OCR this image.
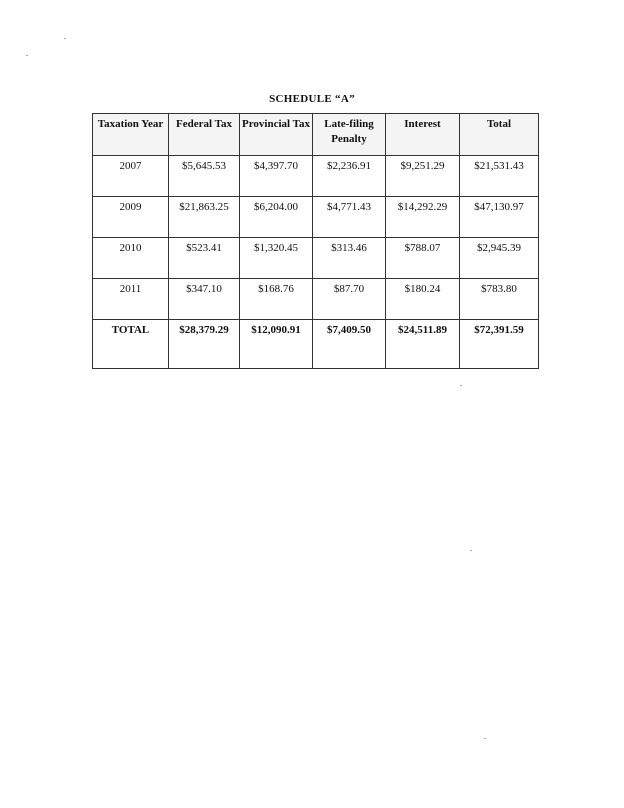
SCHEDULE “A”
Taxation Year	Federal Tax	Provincial Tax	Late-filing Penalty	Interest	Total
2007	$5,645.53	$4,397.70	$2,236.91	$9,251.29	$21,531.43
2009	$21,863.25	$6,204.00	$4,771.43	$14,292.29	$47,130.97
2010	$523.41	$1,320.45	$313.46	$788.07	$2,945.39
2011	$347.10	$168.76	$87.70	$180.24	$783.80
TOTAL	$28,379.29	$12,090.91	$7,409.50	$24,511.89	$72,391.59
